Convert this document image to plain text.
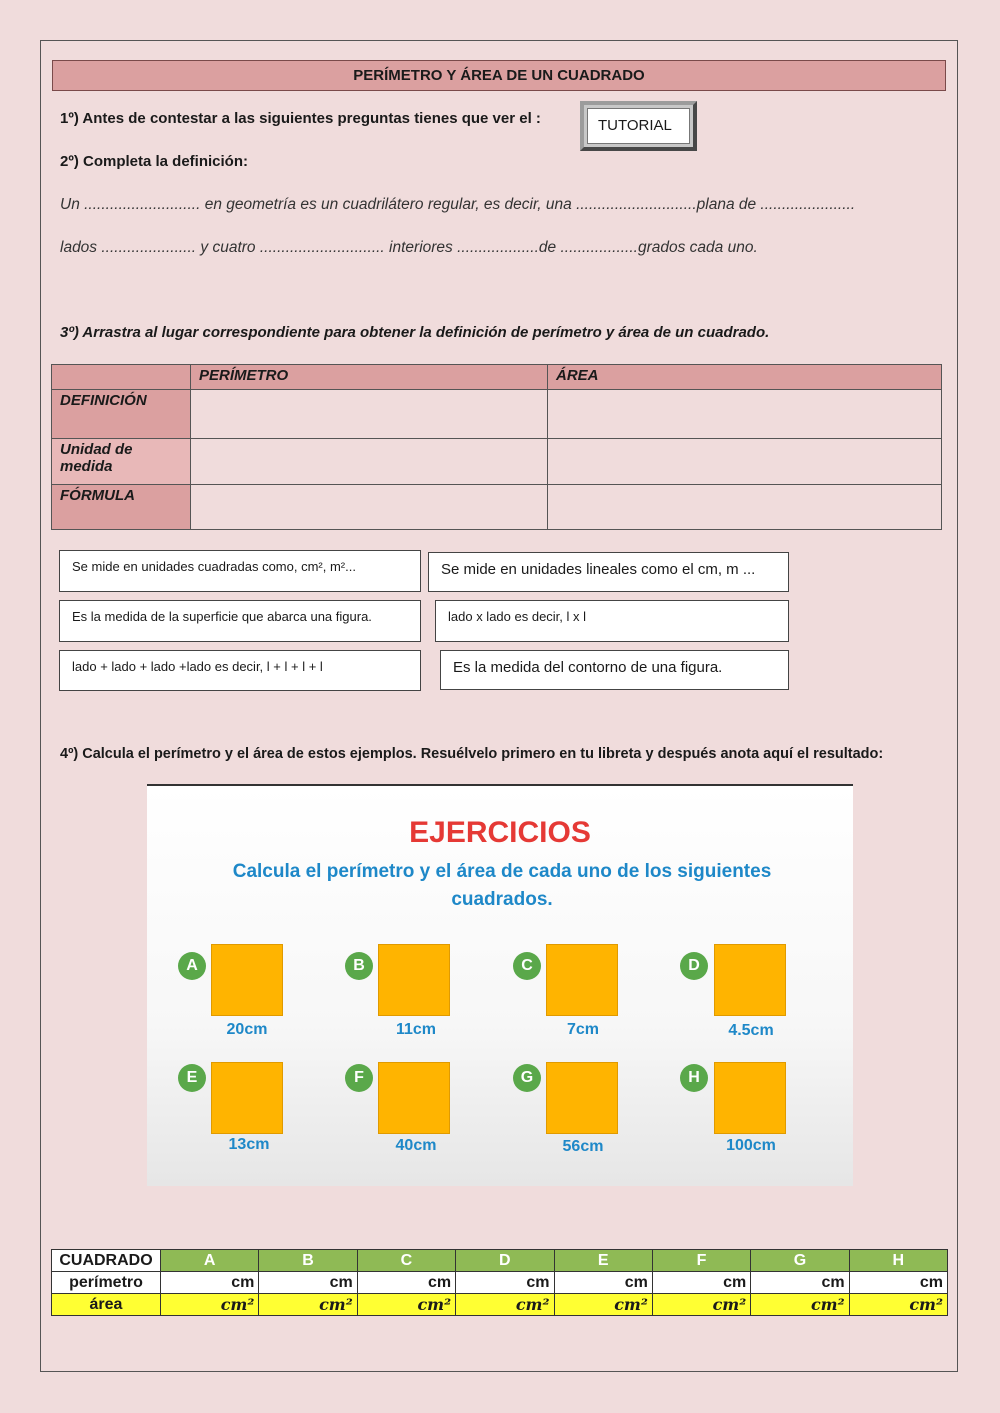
PERÍMETRO Y ÁREA DE UN CUADRADO
1º) Antes de contestar a las siguientes preguntas tienes que ver el :	TUTORIAL
2º) Completa la definición:
Un ........................... en geometría es un cuadrilátero regular, es decir, una ............................plana de ......................
lados ...................... y cuatro ............................. interiores ...................de ..................grados cada uno.
3º) Arrastra al lugar correspondiente para obtener la definición de perímetro y área de un cuadrado.
	PERÍMETRO	ÁREA
DEFINICIÓN		
Unidad de medida		
FÓRMULA		
Se mide en unidades cuadradas como, cm², m²...	Se mide en unidades lineales como el cm, m ...
Es la medida de la superficie que abarca una figura.	lado x lado es decir, l x l
lado + lado + lado +lado es decir, l + l + l + l	Es la medida del contorno de una figura.
4º) Calcula el perímetro y el área de estos ejemplos. Resuélvelo primero en tu libreta y después anota aquí el resultado:
EJERCICIOS
Calcula el perímetro y el área de cada uno de los siguientes cuadrados.
A
20cm
B
11cm
C
7cm
D
4.5cm
E
13cm
F
40cm
G
56cm
H
100cm
CUADRADO	A	B	C	D	E	F	G	H
perímetro	cm	cm	cm	cm	cm	cm	cm	cm
área	cm²	cm²	cm²	cm²	cm²	cm²	cm²	cm²
